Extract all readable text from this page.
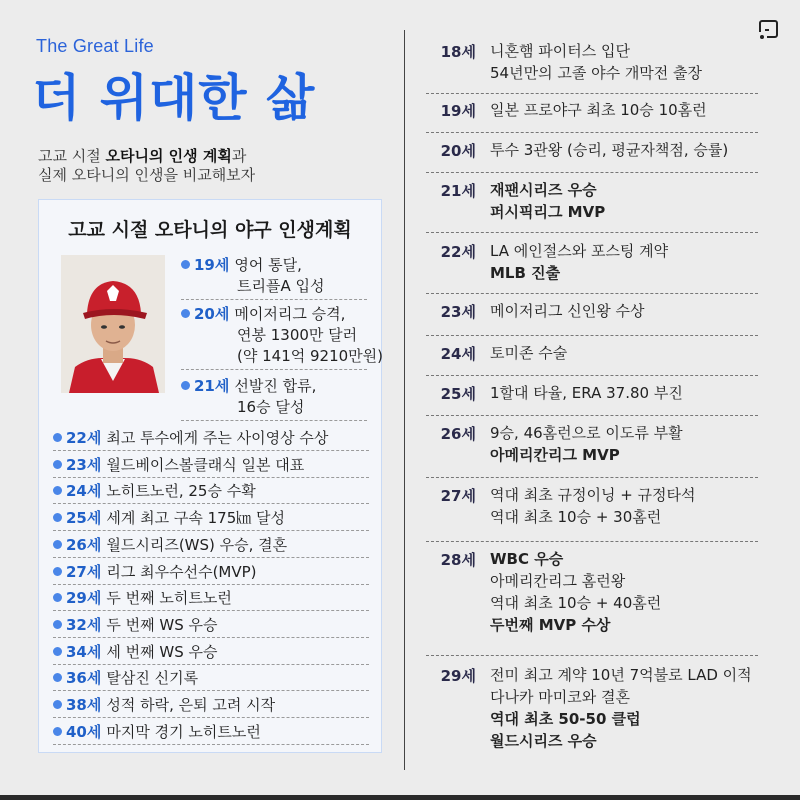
The Great Life
더 위대한 삶
고교 시절 오타니의 인생 계획과
실제 오타니의 인생을 비교해보자
고교 시절 오타니의 야구 인생계획
19세 영어 통달,
트리플A 입성
20세 메이저리그 승격,
연봉 1300만 달러
(약 141억 9210만원)
21세 선발진 합류,
16승 달성
22세 최고 투수에게 주는 사이영상 수상
23세 월드베이스볼클래식 일본 대표
24세 노히트노런, 25승 수확
25세 세계 최고 구속 175㎞ 달성
26세 월드시리즈(WS) 우승, 결혼
27세 리그 최우수선수(MVP)
29세 두 번째 노히트노런
32세 두 번째 WS 우승
34세 세 번째 WS 우승
36세 탈삼진 신기록
38세 성적 하락, 은퇴 고려 시작
40세 마지막 경기 노히트노런
18세 니혼햄 파이터스 입단
54년만의 고졸 야수 개막전 출장
19세 일본 프로야구 최초 10승 10홈런
20세 투수 3관왕 (승리, 평균자책점, 승률)
21세 재팬시리즈 우승
퍼시픽리그 MVP
22세 LA 에인절스와 포스팅 계약
MLB 진출
23세 메이저리그 신인왕 수상
24세 토미존 수술
25세 1할대 타율, ERA 37.80 부진
26세 9승, 46홈런으로 이도류 부활
아메리칸리그 MVP
27세 역대 최초 규정이닝 + 규정타석
역대 최초 10승 + 30홈런
28세 WBC 우승
아메리칸리그 홈런왕
역대 최초 10승 + 40홈런
두번째 MVP 수상
29세 전미 최고 계약 10년 7억불로 LAD 이적
다나카 마미코와 결혼
역대 최초 50-50 클럽
월드시리즈 우승
